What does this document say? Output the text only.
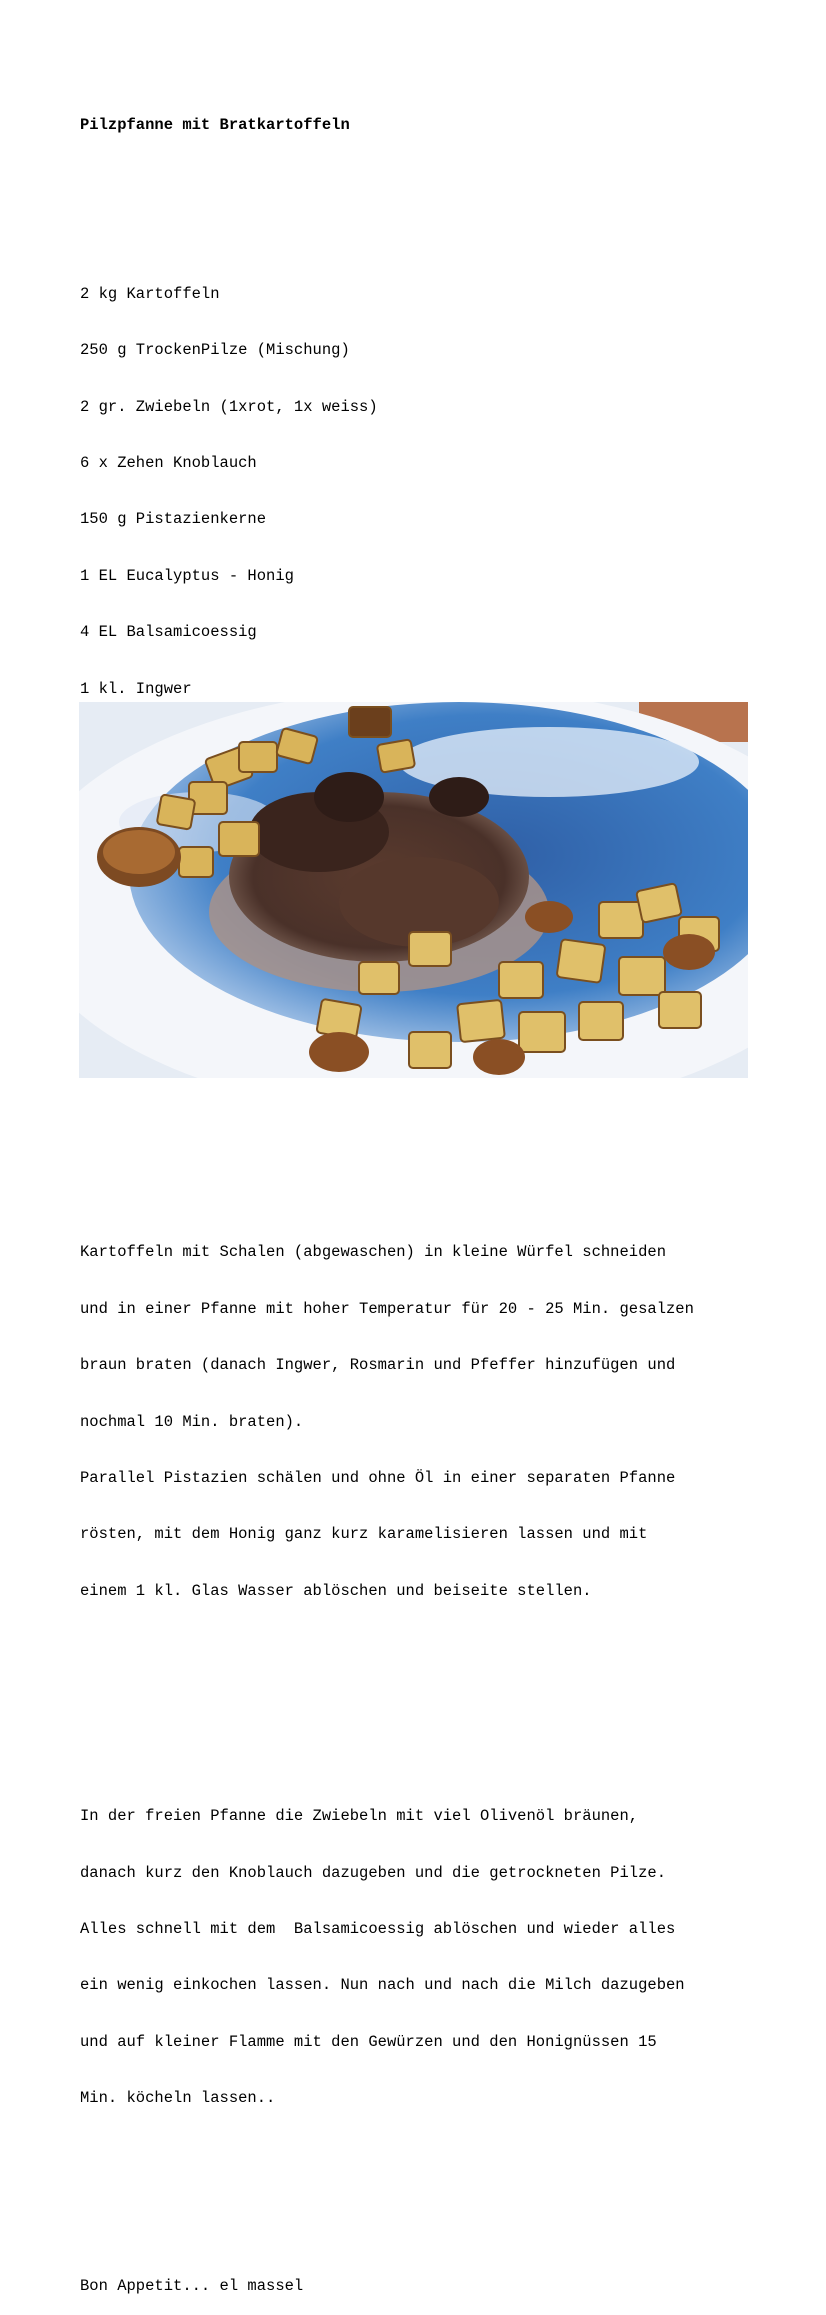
Pilzpfanne mit Bratkartoffeln

2 kg Kartoffeln

250 g TrockenPilze (Mischung)

2 gr. Zwiebeln (1xrot, 1x weiss)

6 x Zehen Knoblauch

150 g Pistazienkerne

1 EL Eucalyptus - Honig

4 EL Balsamicoessig

1 kl. Ingwer

Kartoffeln mit Schalen (abgewaschen) in kleine Würfel schneiden

und in einer Pfanne mit hoher Temperatur für 20 - 25 Min. gesalzen

braun braten (danach Ingwer, Rosmarin und Pfeffer hinzufügen und

nochmal 10 Min. braten).

Parallel Pistazien schälen und ohne Öl in einer separaten Pfanne

rösten, mit dem Honig ganz kurz karamelisieren lassen und mit

einem 1 kl. Glas Wasser ablöschen und beiseite stellen.

In der freien Pfanne die Zwiebeln mit viel Olivenöl bräunen,

danach kurz den Knoblauch dazugeben und die getrockneten Pilze.

Alles schnell mit dem  Balsamicoessig ablöschen und wieder alles

ein wenig einkochen lassen. Nun nach und nach die Milch dazugeben

und auf kleiner Flamme mit den Gewürzen und den Honignüssen 15

Min. köcheln lassen..

Bon Appetit... el massel
